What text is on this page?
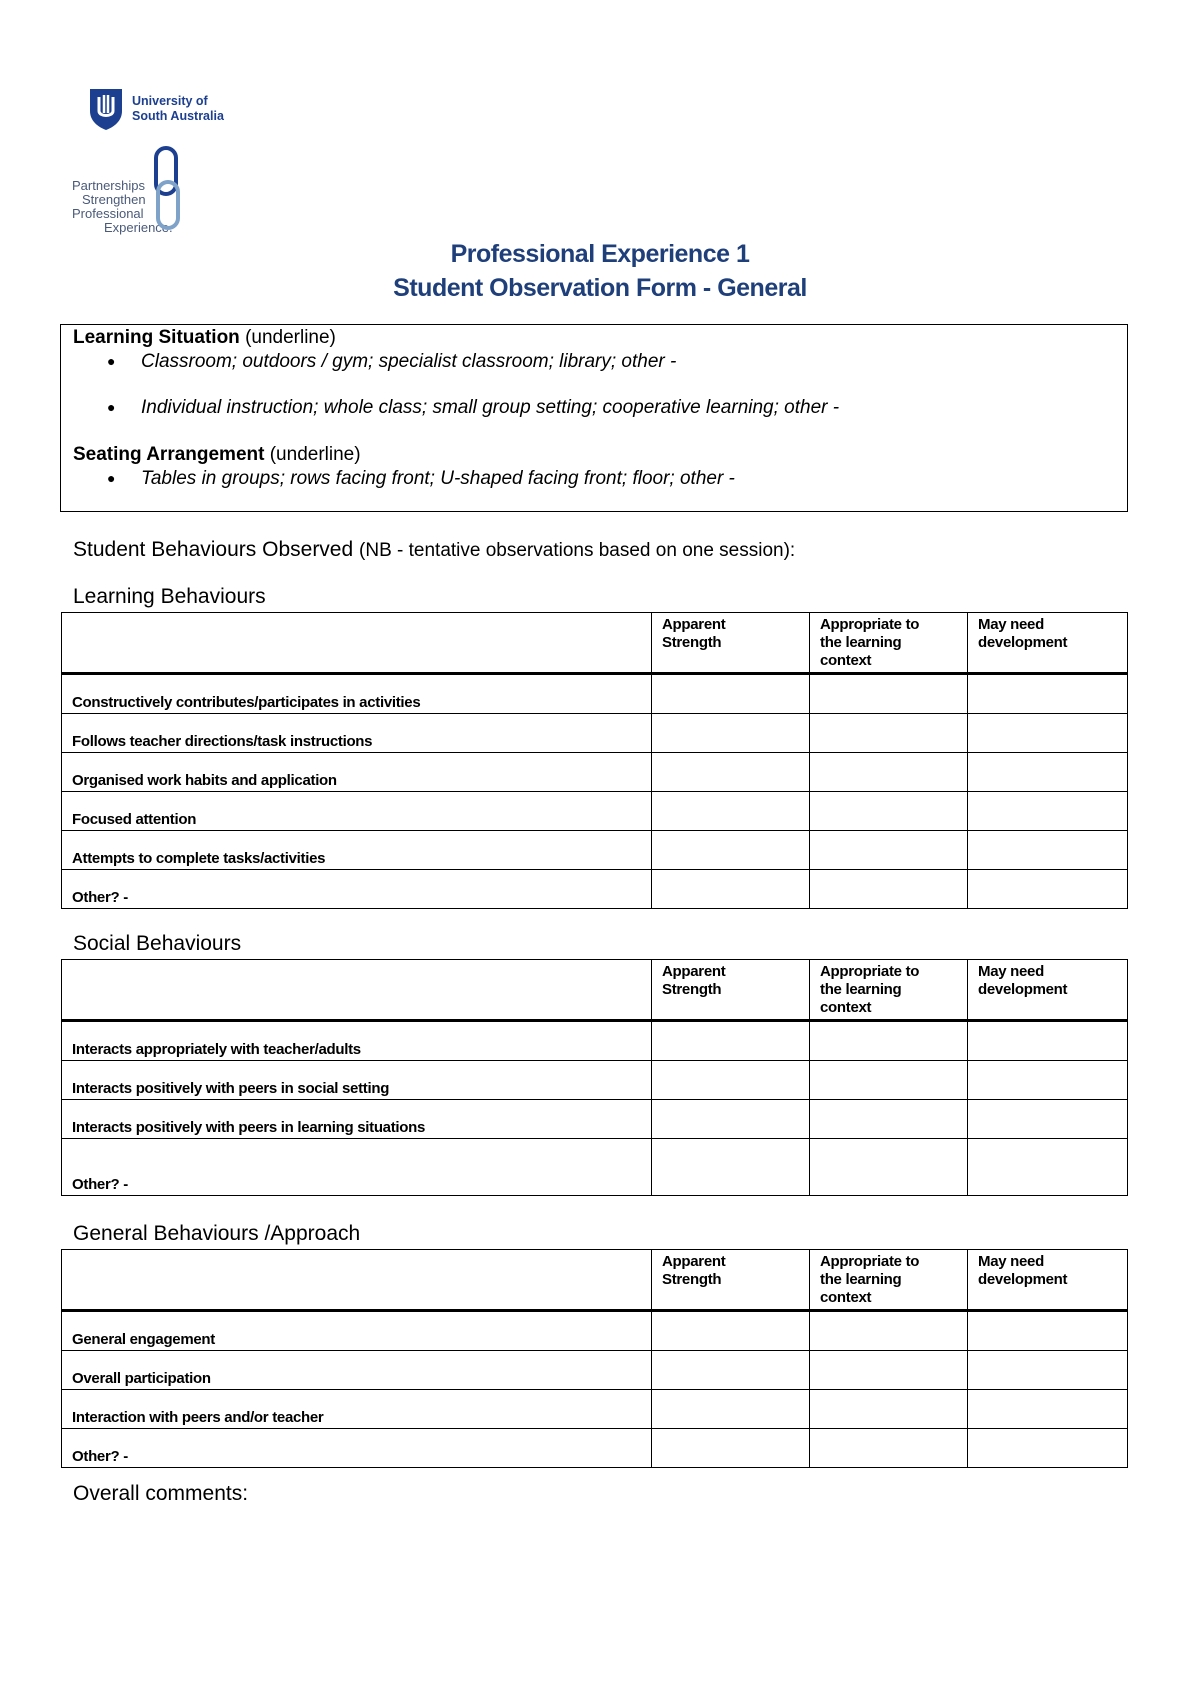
University of
South Australia
Partnerships
Strengthen
Professional
Experience.
Professional Experience 1
Student Observation Form - General
Learning Situation (underline)
● Classroom; outdoors / gym; specialist classroom; library; other -
● Individual instruction; whole class; small group setting; cooperative learning; other -
Seating Arrangement (underline)
● Tables in groups; rows facing front; U-shaped facing front; floor; other -
Student Behaviours Observed (NB - tentative observations based on one session):
Learning Behaviours
	Apparent
Strength	Appropriate to
the learning
context	May need
development
Constructively contributes/participates in activities			
Follows teacher directions/task instructions			
Organised work habits and application			
Focused attention			
Attempts to complete tasks/activities			
Other? -			
Social Behaviours
	Apparent
Strength	Appropriate to
the learning
context	May need
development
Interacts appropriately with teacher/adults			
Interacts positively with peers in social setting			
Interacts positively with peers in learning situations			
Other? -			
General Behaviours /Approach
	Apparent
Strength	Appropriate to
the learning
context	May need
development
General engagement			
Overall participation			
Interaction with peers and/or teacher			
Other? -			
Overall comments:
